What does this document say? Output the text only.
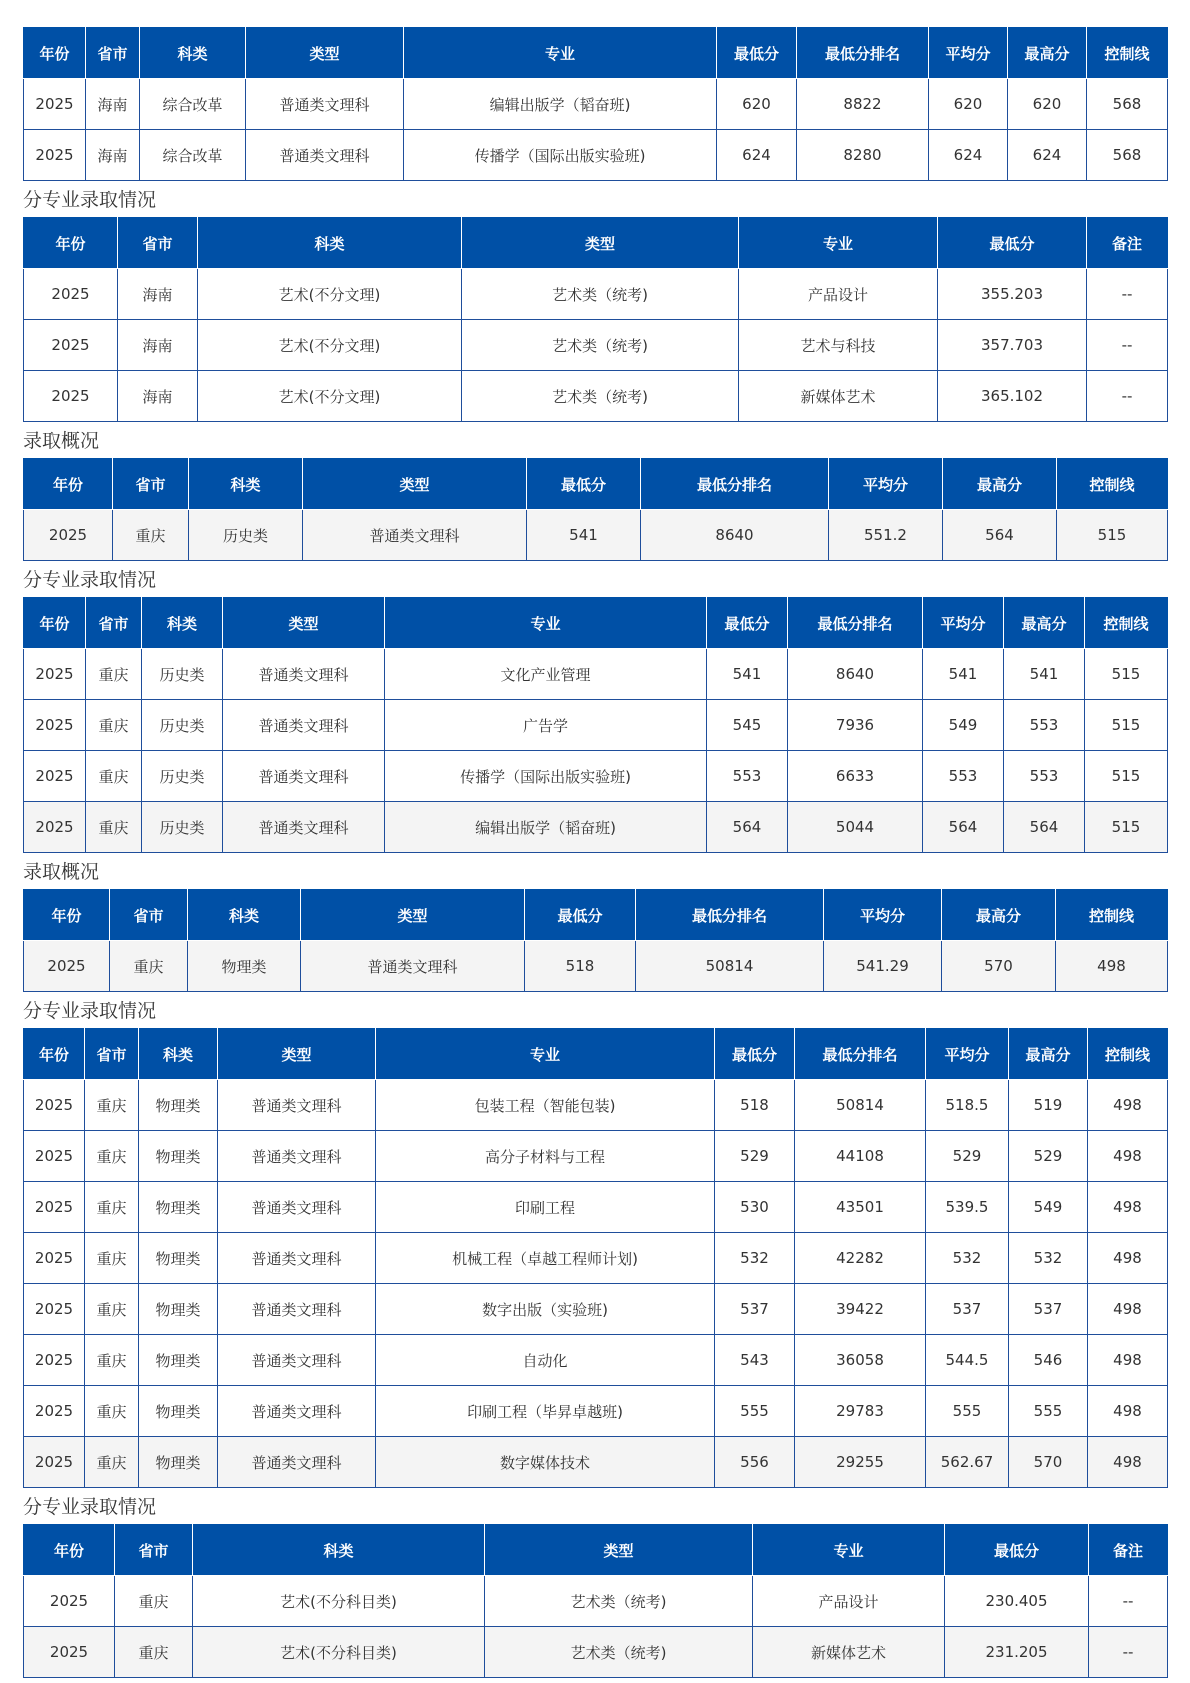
年份	省市	科类	类型	专业	最低分	最低分排名	平均分	最高分	控制线
2025	海南	综合改革	普通类文理科	编辑出版学（韬奋班)	620	8822	620	620	568
2025	海南	综合改革	普通类文理科	传播学（国际出版实验班)	624	8280	624	624	568
分专业录取情况
年份	省市	科类	类型	专业	最低分	备注
2025	海南	艺术(不分文理)	艺术类（统考)	产品设计	355.203	--
2025	海南	艺术(不分文理)	艺术类（统考)	艺术与科技	357.703	--
2025	海南	艺术(不分文理)	艺术类（统考)	新媒体艺术	365.102	--
录取概况
年份	省市	科类	类型	最低分	最低分排名	平均分	最高分	控制线
2025	重庆	历史类	普通类文理科	541	8640	551.2	564	515
分专业录取情况
年份	省市	科类	类型	专业	最低分	最低分排名	平均分	最高分	控制线
2025	重庆	历史类	普通类文理科	文化产业管理	541	8640	541	541	515
2025	重庆	历史类	普通类文理科	广告学	545	7936	549	553	515
2025	重庆	历史类	普通类文理科	传播学（国际出版实验班)	553	6633	553	553	515
2025	重庆	历史类	普通类文理科	编辑出版学（韬奋班)	564	5044	564	564	515
录取概况
年份	省市	科类	类型	最低分	最低分排名	平均分	最高分	控制线
2025	重庆	物理类	普通类文理科	518	50814	541.29	570	498
分专业录取情况
年份	省市	科类	类型	专业	最低分	最低分排名	平均分	最高分	控制线
2025	重庆	物理类	普通类文理科	包装工程（智能包装)	518	50814	518.5	519	498
2025	重庆	物理类	普通类文理科	高分子材料与工程	529	44108	529	529	498
2025	重庆	物理类	普通类文理科	印刷工程	530	43501	539.5	549	498
2025	重庆	物理类	普通类文理科	机械工程（卓越工程师计划)	532	42282	532	532	498
2025	重庆	物理类	普通类文理科	数字出版（实验班)	537	39422	537	537	498
2025	重庆	物理类	普通类文理科	自动化	543	36058	544.5	546	498
2025	重庆	物理类	普通类文理科	印刷工程（毕昇卓越班)	555	29783	555	555	498
2025	重庆	物理类	普通类文理科	数字媒体技术	556	29255	562.67	570	498
分专业录取情况
年份	省市	科类	类型	专业	最低分	备注
2025	重庆	艺术(不分科目类)	艺术类（统考)	产品设计	230.405	--
2025	重庆	艺术(不分科目类)	艺术类（统考)	新媒体艺术	231.205	--
